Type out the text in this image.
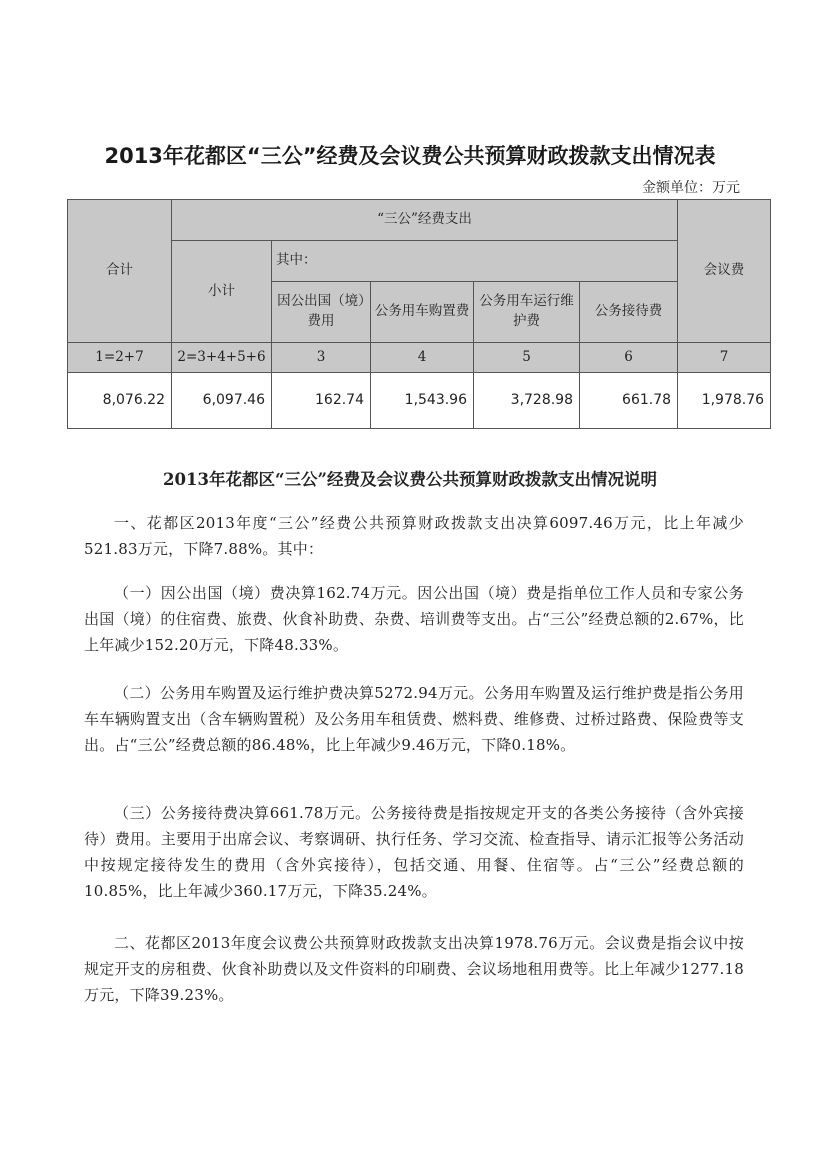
2013年花都区“三公”经费及会议费公共预算财政拨款支出情况表
金额单位：万元
合计	“三公”经费支出					会议费
	小计	其中：				
		因公出国（境）费用	公务用车购置费	公务用车运行维护费	公务接待费	
1=2+7	2=3+4+5+6	3	4	5	6	7
8,076.22	6,097.46	162.74	1,543.96	3,728.98	661.78	1,978.76
2013年花都区“三公”经费及会议费公共预算财政拨款支出情况说明
一、花都区2013年度“三公”经费公共预算财政拨款支出决算6097.46万元，比上年减少521.83万元，下降7.88%。其中：
（一）因公出国（境）费决算162.74万元。因公出国（境）费是指单位工作人员和专家公务出国（境）的住宿费、旅费、伙食补助费、杂费、培训费等支出。占“三公”经费总额的2.67%，比上年减少152.20万元，下降48.33%。
（二）公务用车购置及运行维护费决算5272.94万元。公务用车购置及运行维护费是指公务用车车辆购置支出（含车辆购置税）及公务用车租赁费、燃料费、维修费、过桥过路费、保险费等支出。占“三公”经费总额的86.48%，比上年减少9.46万元，下降0.18%。
（三）公务接待费决算661.78万元。公务接待费是指按规定开支的各类公务接待（含外宾接待）费用。主要用于出席会议、考察调研、执行任务、学习交流、检查指导、请示汇报等公务活动中按规定接待发生的费用（含外宾接待），包括交通、用餐、住宿等。占“三公”经费总额的10.85%，比上年减少360.17万元，下降35.24%。
二、花都区2013年度会议费公共预算财政拨款支出决算1978.76万元。会议费是指会议中按规定开支的房租费、伙食补助费以及文件资料的印刷费、会议场地租用费等。比上年减少1277.18万元，下降39.23%。
